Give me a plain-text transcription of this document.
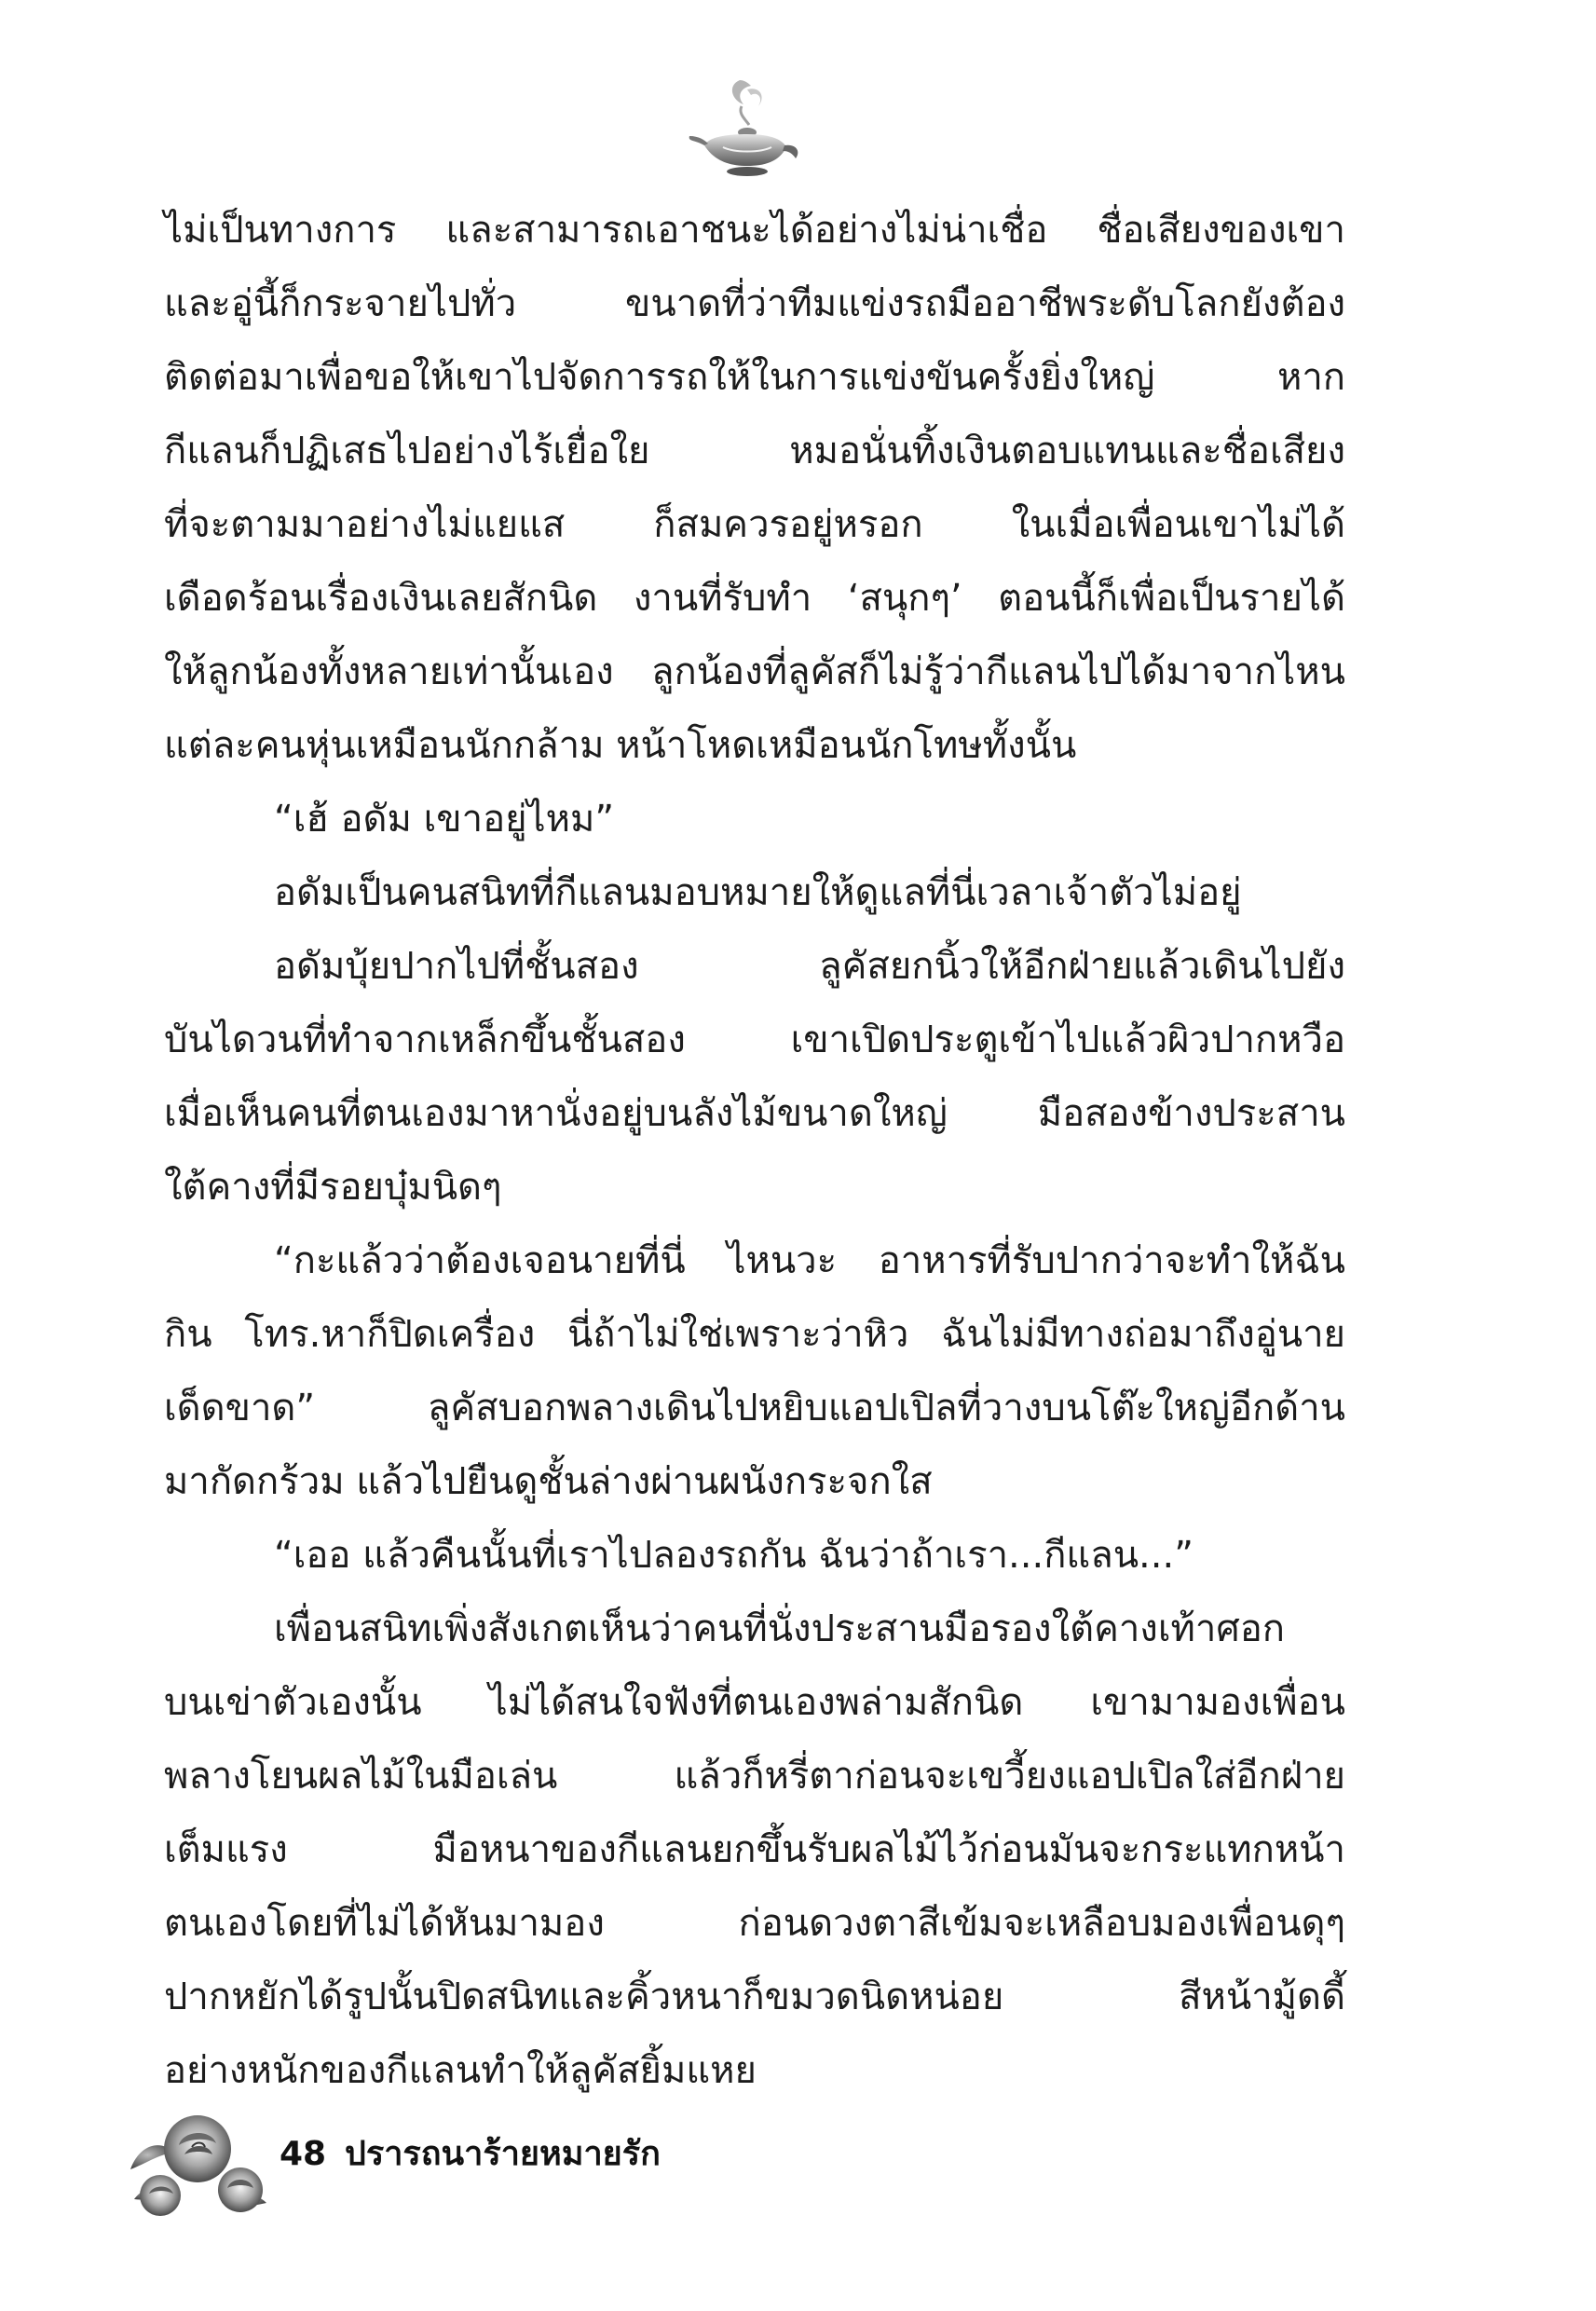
ไม่เป็นทางการ และสามารถเอาชนะได้อย่างไม่น่าเชื่อ ชื่อเสียงของเขา
และอู่นี้ก็กระจายไปทั่ว ขนาดที่ว่าทีมแข่งรถมืออาชีพระดับโลกยังต้อง
ติดต่อมาเพื่อขอให้เขาไปจัดการรถให้ในการแข่งขันครั้งยิ่งใหญ่ หาก
กีแลนก็ปฏิเสธไปอย่างไร้เยื่อใย หมอนั่นทิ้งเงินตอบแทนและชื่อเสียง
ที่จะตามมาอย่างไม่แยแส ก็สมควรอยู่หรอก ในเมื่อเพื่อนเขาไม่ได้
เดือดร้อนเรื่องเงินเลยสักนิด งานที่รับทำ ‘สนุกๆ’ ตอนนี้ก็เพื่อเป็นรายได้
ให้ลูกน้องทั้งหลายเท่านั้นเอง ลูกน้องที่ลูคัสก็ไม่รู้ว่ากีแลนไปได้มาจากไหน
แต่ละคนหุ่นเหมือนนักกล้าม หน้าโหดเหมือนนักโทษทั้งนั้น
“เฮ้ อดัม เขาอยู่ไหม”
อดัมเป็นคนสนิทที่กีแลนมอบหมายให้ดูแลที่นี่เวลาเจ้าตัวไม่อยู่
อดัมบุ้ยปากไปที่ชั้นสอง ลูคัสยกนิ้วให้อีกฝ่ายแล้วเดินไปยัง
บันไดวนที่ทำจากเหล็กขึ้นชั้นสอง เขาเปิดประตูเข้าไปแล้วผิวปากหวือ
เมื่อเห็นคนที่ตนเองมาหานั่งอยู่บนลังไม้ขนาดใหญ่ มือสองข้างประสาน
ใต้คางที่มีรอยบุ๋มนิดๆ
“กะแล้วว่าต้องเจอนายที่นี่ ไหนวะ อาหารที่รับปากว่าจะทำให้ฉัน
กิน โทร.หาก็ปิดเครื่อง นี่ถ้าไม่ใช่เพราะว่าหิว ฉันไม่มีทางถ่อมาถึงอู่นาย
เด็ดขาด” ลูคัสบอกพลางเดินไปหยิบแอปเปิลที่วางบนโต๊ะใหญ่อีกด้าน
มากัดกร้วม แล้วไปยืนดูชั้นล่างผ่านผนังกระจกใส
“เออ แล้วคืนนั้นที่เราไปลองรถกัน ฉันว่าถ้าเรา...กีแลน...”
เพื่อนสนิทเพิ่งสังเกตเห็นว่าคนที่นั่งประสานมือรองใต้คางเท้าศอก
บนเข่าตัวเองนั้น ไม่ได้สนใจฟังที่ตนเองพล่ามสักนิด เขามามองเพื่อน
พลางโยนผลไม้ในมือเล่น แล้วก็หรี่ตาก่อนจะเขวี้ยงแอปเปิลใส่อีกฝ่าย
เต็มแรง มือหนาของกีแลนยกขึ้นรับผลไม้ไว้ก่อนมันจะกระแทกหน้า
ตนเองโดยที่ไม่ได้หันมามอง ก่อนดวงตาสีเข้มจะเหลือบมองเพื่อนดุๆ
ปากหยักได้รูปนั้นปิดสนิทและคิ้วหนาก็ขมวดนิดหน่อย สีหน้ามู้ดดี้
อย่างหนักของกีแลนทำให้ลูคัสยิ้มแหย
48 ปรารถนาร้ายหมายรัก
